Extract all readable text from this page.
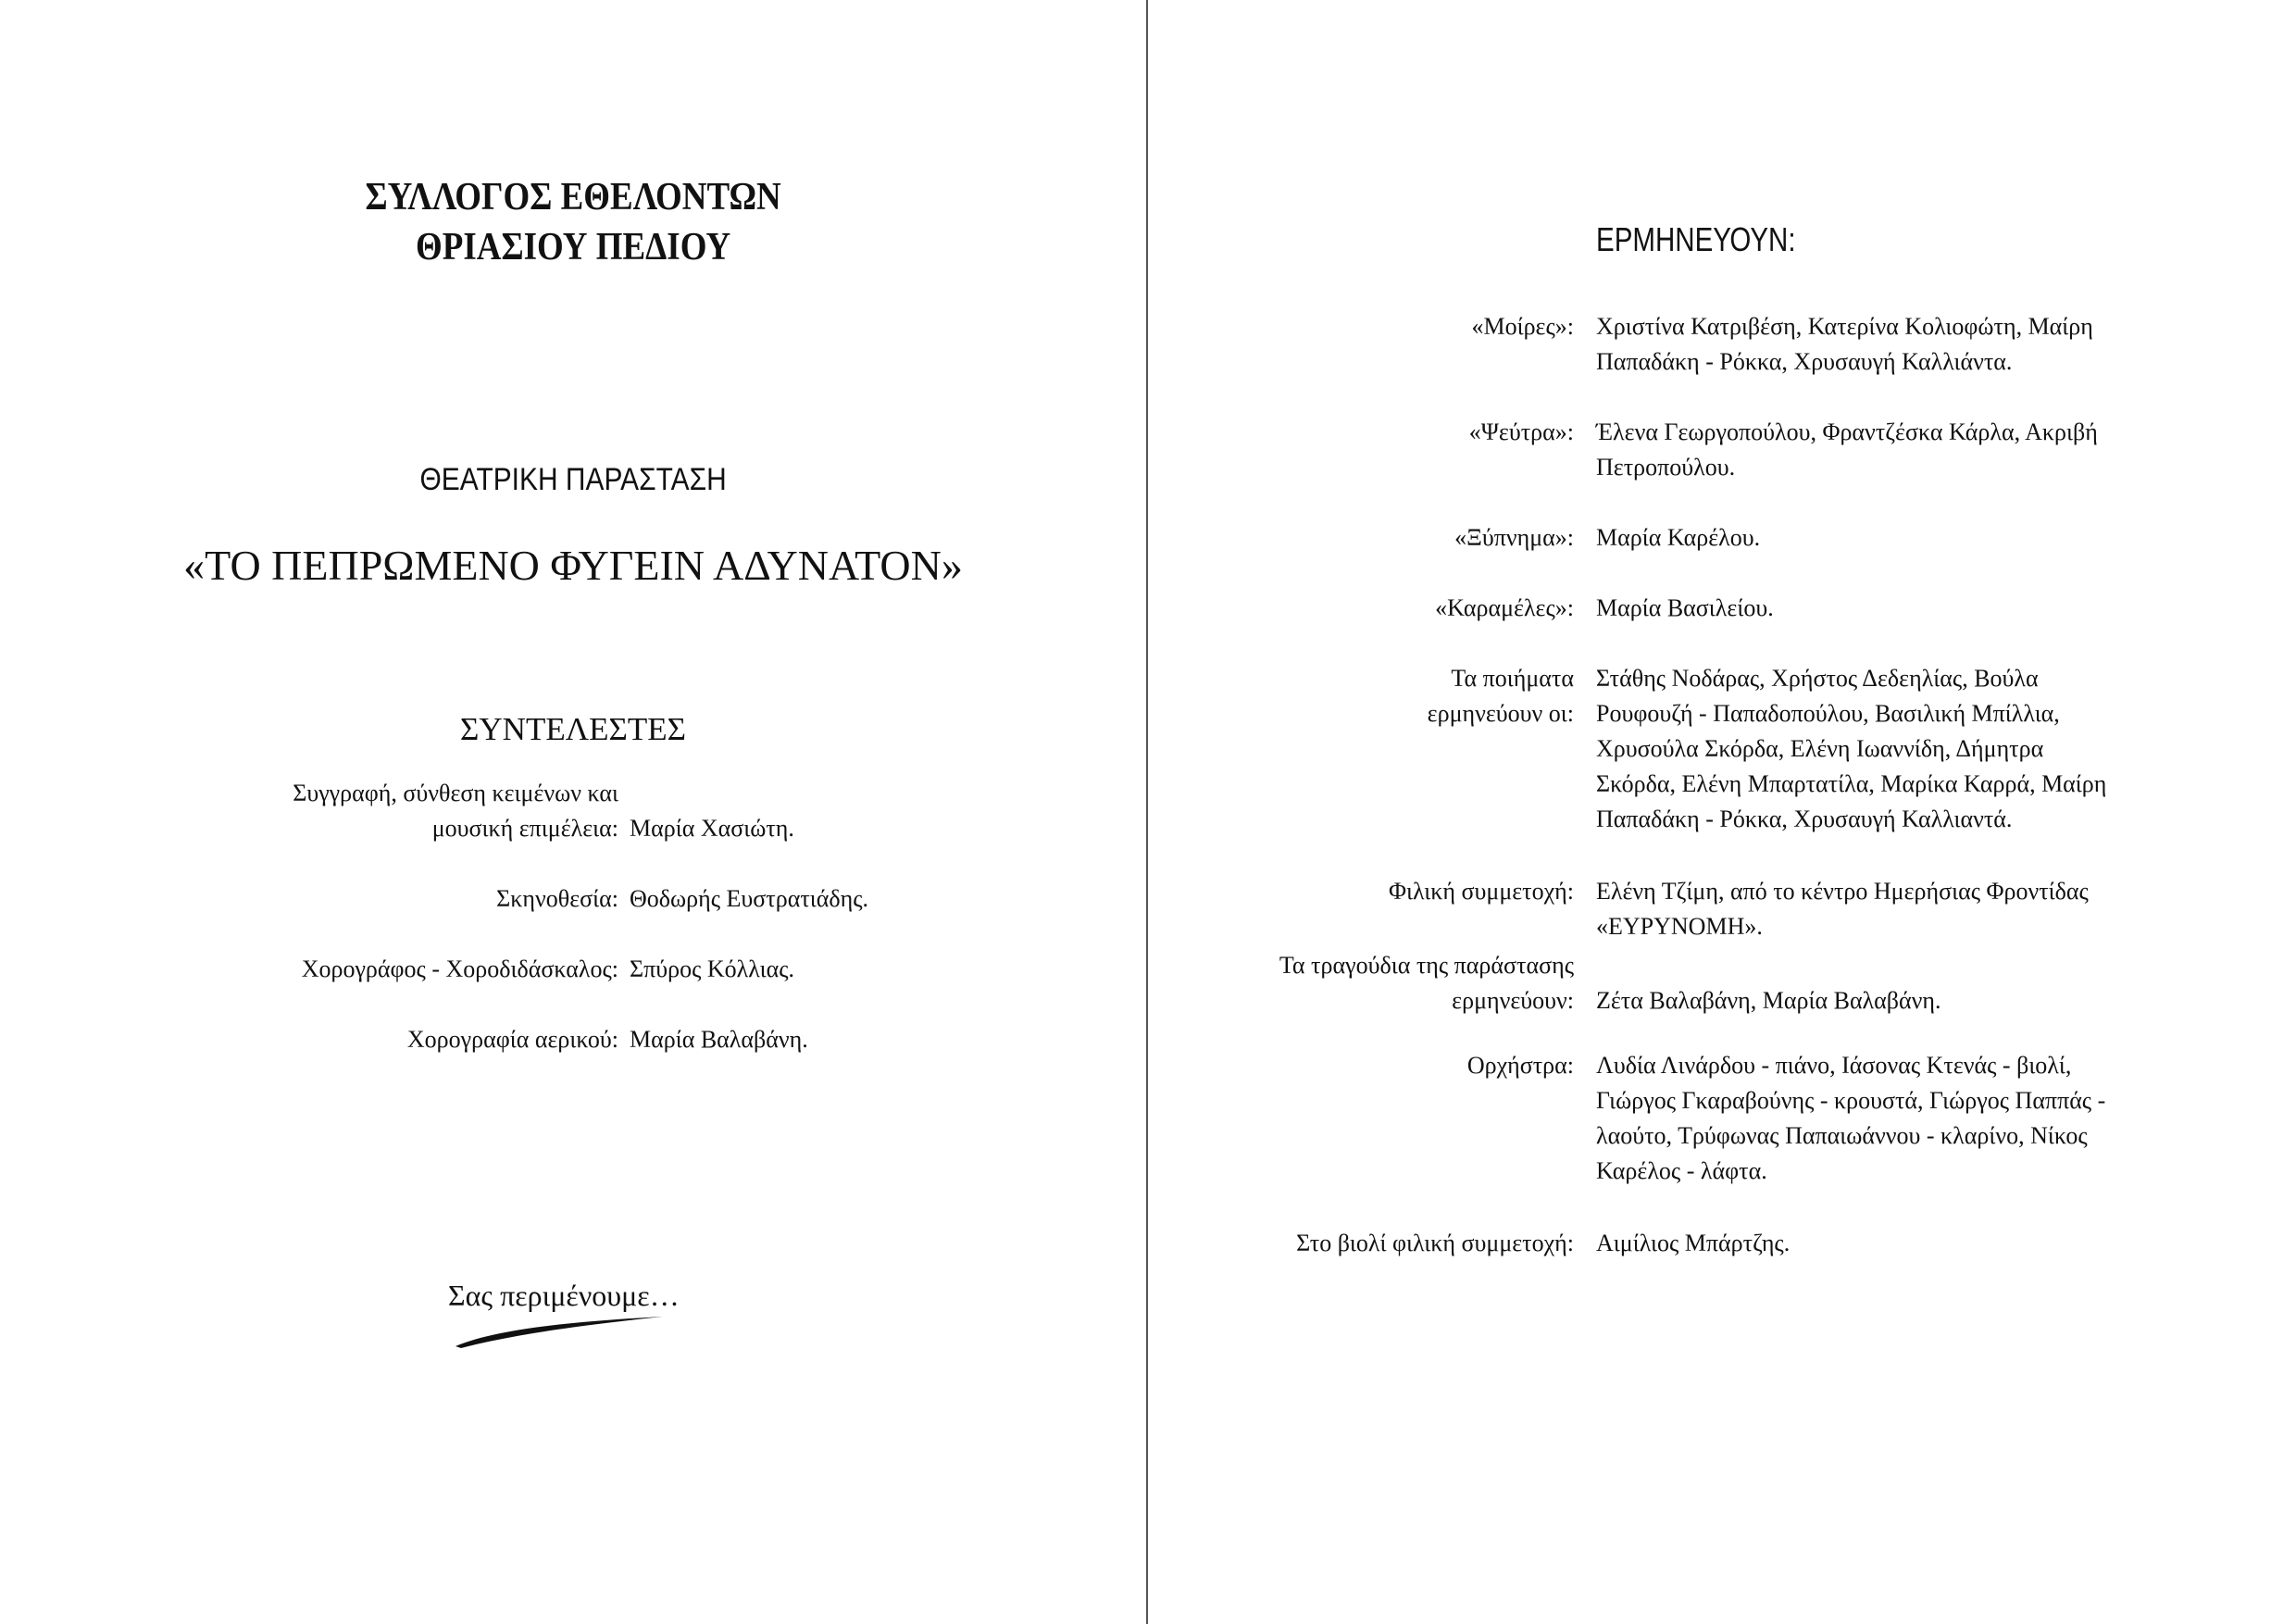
ΣΥΛΛΟΓΟΣ ΕΘΕΛΟΝΤΩΝ
ΘΡΙΑΣΙΟΥ ΠΕΔΙΟΥ
ΘΕΑΤΡΙΚΗ ΠΑΡΑΣΤΑΣΗ
«ΤΟ ΠΕΠΡΩΜΕΝΟ ΦΥΓΕΙΝ ΑΔΥΝΑΤΟΝ»
ΣΥΝΤΕΛΕΣΤΕΣ
Συγγραφή, σύνθεση κειμένων και
μουσική επιμέλεια: Μαρία Χασιώτη.
Σκηνοθεσία: Θοδωρής Ευστρατιάδης.
Χορογράφος - Χοροδιδάσκαλος: Σπύρος Κόλλιας.
Χορογραφία αερικού: Μαρία Βαλαβάνη.
Σας περιμένουμε…
ΕΡΜΗΝΕΥΟΥΝ:
«Μοίρες»: Χριστίνα Κατριβέση, Κατερίνα Κολιοφώτη, Μαίρη
Παπαδάκη - Ρόκκα, Χρυσαυγή Καλλιάντα.
«Ψεύτρα»: Έλενα Γεωργοπούλου, Φραντζέσκα Κάρλα, Ακριβή
Πετροπούλου.
«Ξύπνημα»: Μαρία Καρέλου.
«Καραμέλες»: Μαρία Βασιλείου.
Τα ποιήματα
ερμηνεύουν οι:
Στάθης Νοδάρας, Χρήστος Δεδεηλίας, Βούλα
Ρουφουζή - Παπαδοπούλου, Βασιλική Μπίλλια,
Χρυσούλα Σκόρδα, Ελένη Ιωαννίδη, Δήμητρα
Σκόρδα, Ελένη Μπαρτατίλα, Μαρίκα Καρρά, Μαίρη
Παπαδάκη - Ρόκκα, Χρυσαυγή Καλλιαντά.
Φιλική συμμετοχή: Ελένη Τζίμη, από το κέντρο Ημερήσιας Φροντίδας
«ΕΥΡΥΝΟΜΗ».
Τα τραγούδια της παράστασης
ερμηνεύουν: Ζέτα Βαλαβάνη, Μαρία Βαλαβάνη.
Ορχήστρα: Λυδία Λινάρδου - πιάνο, Ιάσονας Κτενάς - βιολί,
Γιώργος Γκαραβούνης - κρουστά, Γιώργος Παππάς -
λαούτο, Τρύφωνας Παπαιωάννου - κλαρίνο, Νίκος
Καρέλος - λάφτα.
Στο βιολί φιλική συμμετοχή: Αιμίλιος Μπάρτζης.
